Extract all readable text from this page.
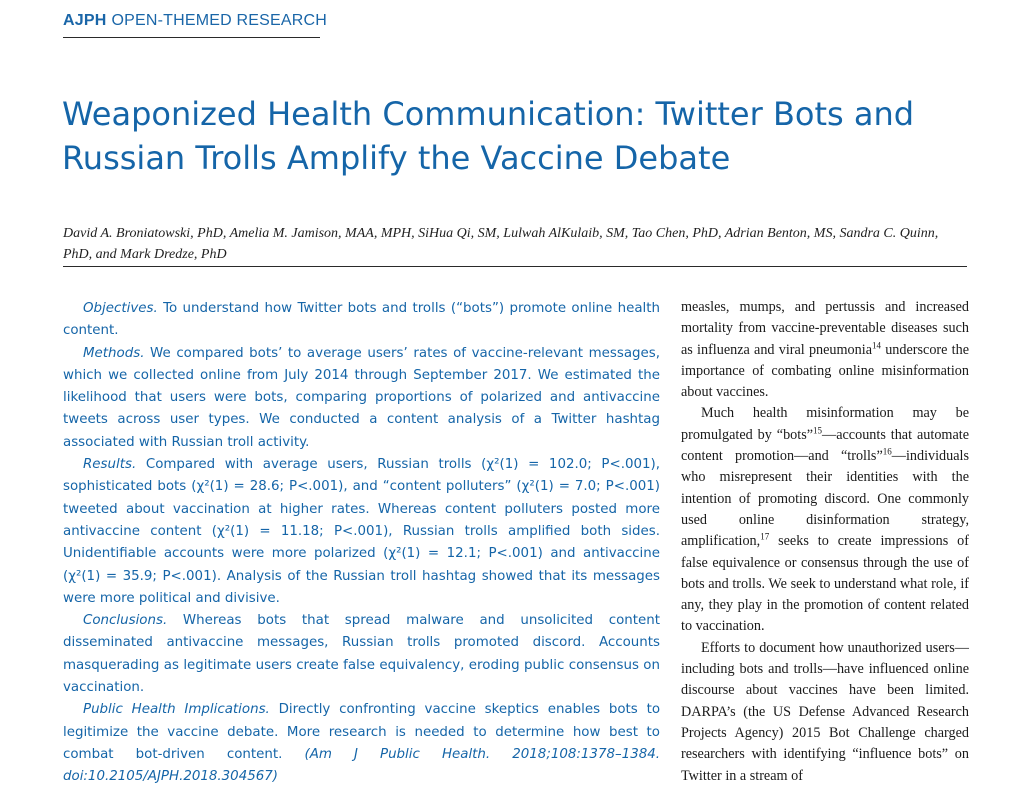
AJPH OPEN-THEMED RESEARCH
Weaponized Health Communication: Twitter Bots and Russian Trolls Amplify the Vaccine Debate
David A. Broniatowski, PhD, Amelia M. Jamison, MAA, MPH, SiHua Qi, SM, Lulwah AlKulaib, SM, Tao Chen, PhD, Adrian Benton, MS, Sandra C. Quinn, PhD, and Mark Dredze, PhD

Objectives. To understand how Twitter bots and trolls (“bots”) promote online health content.

Methods. We compared bots’ to average users’ rates of vaccine-relevant messages, which we collected online from July 2014 through September 2017. We estimated the likelihood that users were bots, comparing proportions of polarized and antivaccine tweets across user types. We conducted a content analysis of a Twitter hashtag associated with Russian troll activity.

Results. Compared with average users, Russian trolls (χ²(1) = 102.0; P<.001), sophisticated bots (χ²(1) = 28.6; P<.001), and “content polluters” (χ²(1) = 7.0; P<.001) tweeted about vaccination at higher rates. Whereas content polluters posted more antivaccine content (χ²(1) = 11.18; P<.001), Russian trolls amplified both sides. Unidentifiable accounts were more polarized (χ²(1) = 12.1; P<.001) and antivaccine (χ²(1) = 35.9; P<.001). Analysis of the Russian troll hashtag showed that its messages were more political and divisive.

Conclusions. Whereas bots that spread malware and unsolicited content disseminated antivaccine messages, Russian trolls promoted discord. Accounts masquerading as legitimate users create false equivalency, eroding public consensus on vaccination.

Public Health Implications. Directly confronting vaccine skeptics enables bots to legitimize the vaccine debate. More research is needed to determine how best to combat bot-driven content. (Am J Public Health. 2018;108:1378–1384. doi:10.2105/AJPH.2018.304567)

measles, mumps, and pertussis and increased mortality from vaccine-preventable diseases such as influenza and viral pneumonia$^{14}$ underscore the importance of combating online misinformation about vaccines.

Much health misinformation may be promulgated by “bots”$^{15}$—accounts that automate content promotion—and “trolls”$^{16}$—individuals who misrepresent their identities with the intention of promoting discord. One commonly used online disinformation strategy, amplification,$^{17}$ seeks to create impressions of false equivalence or consensus through the use of bots and trolls. We seek to understand what role, if any, they play in the promotion of content related to vaccination.

Efforts to document how unauthorized users—including bots and trolls—have influenced online discourse about vaccines have been limited. DARPA’s (the US Defense Advanced Research Projects Agency) 2015 Bot Challenge charged researchers with identifying “influence bots” on Twitter in a stream of
